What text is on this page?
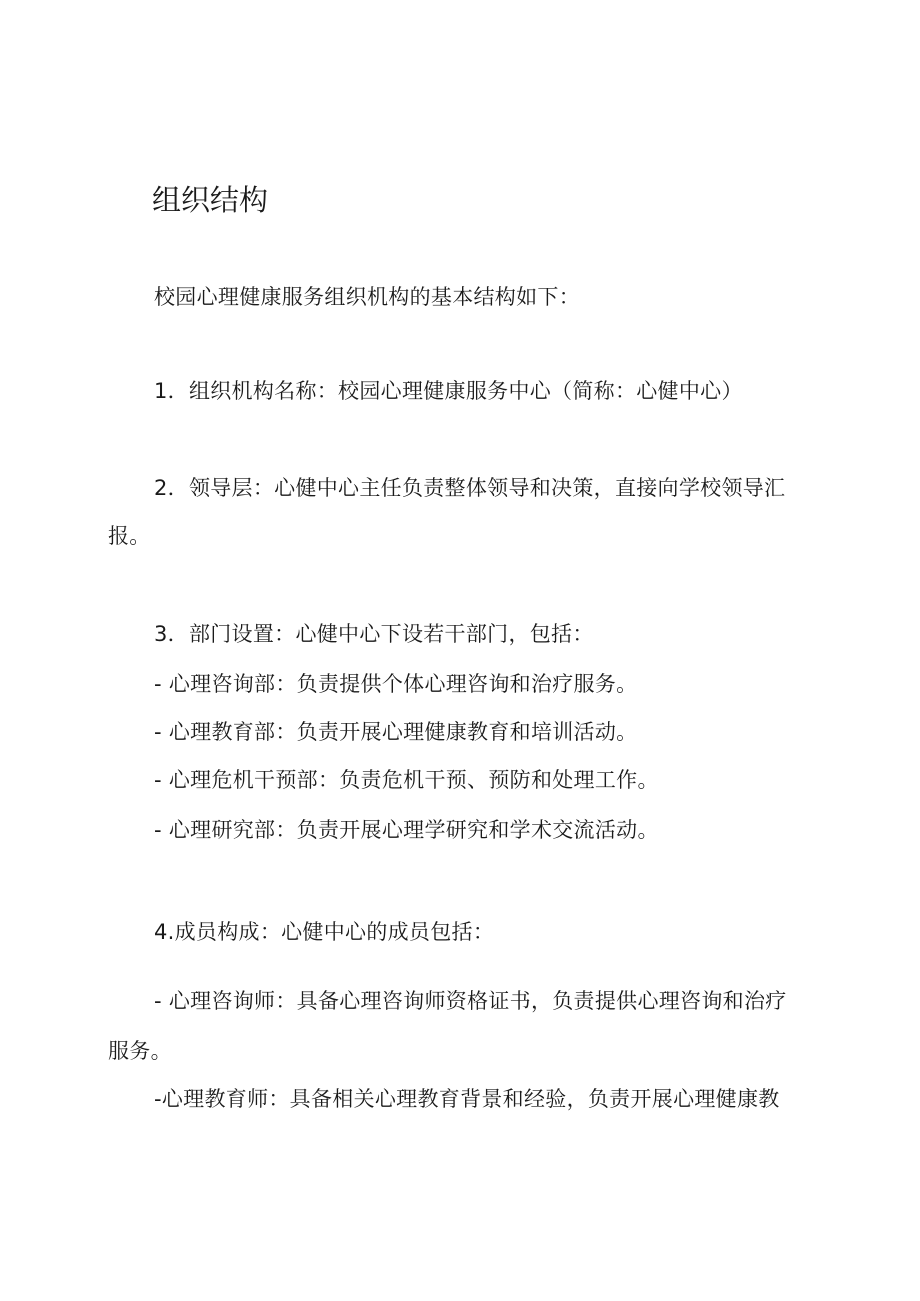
组织结构

校园心理健康服务组织机构的基本结构如下：

1．组织机构名称：校园心理健康服务中心（简称：心健中心）

2．领导层：心健中心主任负责整体领导和决策，直接向学校领导汇

报。

3．部门设置：心健中心下设若干部门，包括：

- 心理咨询部：负责提供个体心理咨询和治疗服务。

- 心理教育部：负责开展心理健康教育和培训活动。

- 心理危机干预部：负责危机干预、预防和处理工作。

- 心理研究部：负责开展心理学研究和学术交流活动。

4.成员构成：心健中心的成员包括：

- 心理咨询师：具备心理咨询师资格证书，负责提供心理咨询和治疗

服务。

-心理教育师：具备相关心理教育背景和经验，负责开展心理健康教
